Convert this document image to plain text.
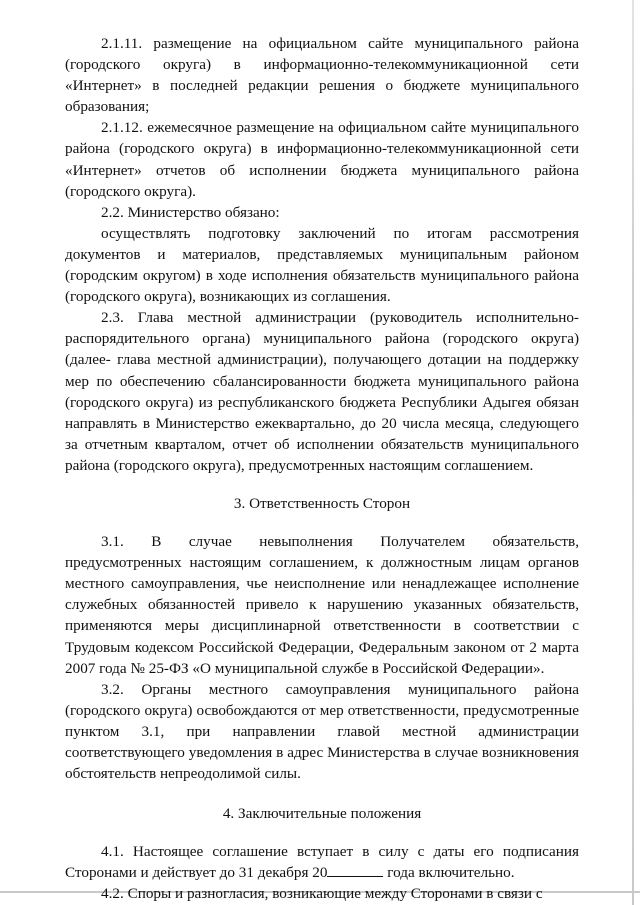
2.1.11. размещение на официальном сайте муниципального района (городского округа) в информационно-телекоммуникационной сети «Интернет» в последней редакции решения о бюджете муниципального образования;

2.1.12. ежемесячное размещение на официальном сайте муниципального района (городского округа) в информационно-телекоммуникационной сети «Интернет» отчетов об исполнении бюджета муниципального района (городского округа).

2.2. Министерство обязано:

осуществлять подготовку заключений по итогам рассмотрения документов и материалов, представляемых муниципальным районом (городским округом) в ходе исполнения обязательств муниципального района (городского округа), возникающих из соглашения.

2.3. Глава местной администрации (руководитель исполнительно-распорядительного органа) муниципального района (городского округа) (далее- глава местной администрации), получающего дотации на поддержку мер по обеспечению сбалансированности бюджета муниципального района (городского округа) из республиканского бюджета Республики Адыгея обязан направлять в Министерство ежеквартально, до 20 числа месяца, следующего за отчетным кварталом, отчет об исполнении обязательств муниципального района (городского округа), предусмотренных настоящим соглашением.

3. Ответственность Сторон

3.1. В случае невыполнения Получателем обязательств, предусмотренных настоящим соглашением, к должностным лицам органов местного самоуправления, чье неисполнение или ненадлежащее исполнение служебных обязанностей привело к нарушению указанных обязательств, применяются меры дисциплинарной ответственности в соответствии с Трудовым кодексом Российской Федерации, Федеральным законом от 2 марта 2007 года № 25-ФЗ «О муниципальной службе в Российской Федерации».

3.2. Органы местного самоуправления муниципального района (городского округа) освобождаются от мер ответственности, предусмотренные пунктом 3.1, при направлении главой местной администрации соответствующего уведомления в адрес Министерства в случае возникновения обстоятельств непреодолимой силы.

4. Заключительные положения

4.1. Настоящее соглашение вступает в силу с даты его подписания Сторонами и действует до 31 декабря 20	года включительно.

4.2. Споры и разногласия, возникающие между Сторонами в связи с
